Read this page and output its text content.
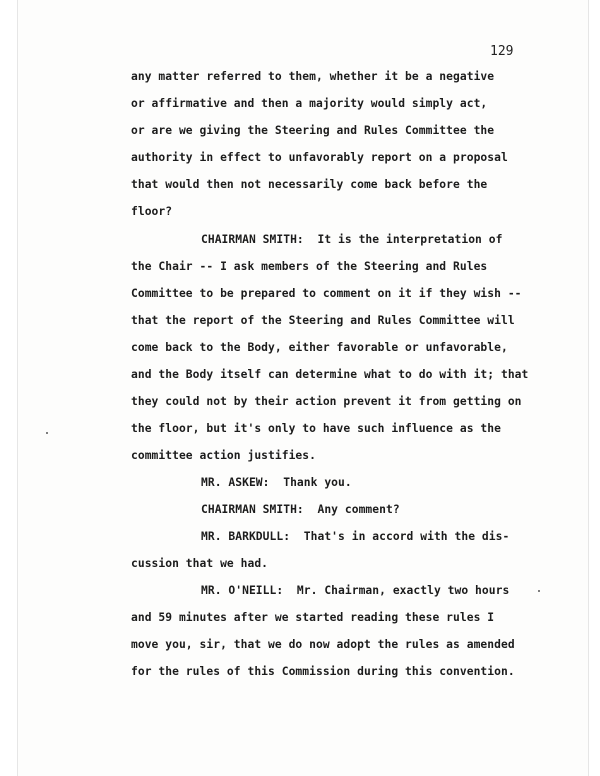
129
any matter referred to them, whether it be a negative
or affirmative and then a majority would simply act,
or are we giving the Steering and Rules Committee the
authority in effect to unfavorably report on a proposal
that would then not necessarily come back before the
floor?
CHAIRMAN SMITH:  It is the interpretation of
the Chair -- I ask members of the Steering and Rules
Committee to be prepared to comment on it if they wish --
that the report of the Steering and Rules Committee will
come back to the Body, either favorable or unfavorable,
and the Body itself can determine what to do with it; that
they could not by their action prevent it from getting on
the floor, but it's only to have such influence as the
committee action justifies.
MR. ASKEW:  Thank you.
CHAIRMAN SMITH:  Any comment?
MR. BARKDULL:  That's in accord with the dis-
cussion that we had.
MR. O'NEILL:  Mr. Chairman, exactly two hours
and 59 minutes after we started reading these rules I
move you, sir, that we do now adopt the rules as amended
for the rules of this Commission during this convention.
